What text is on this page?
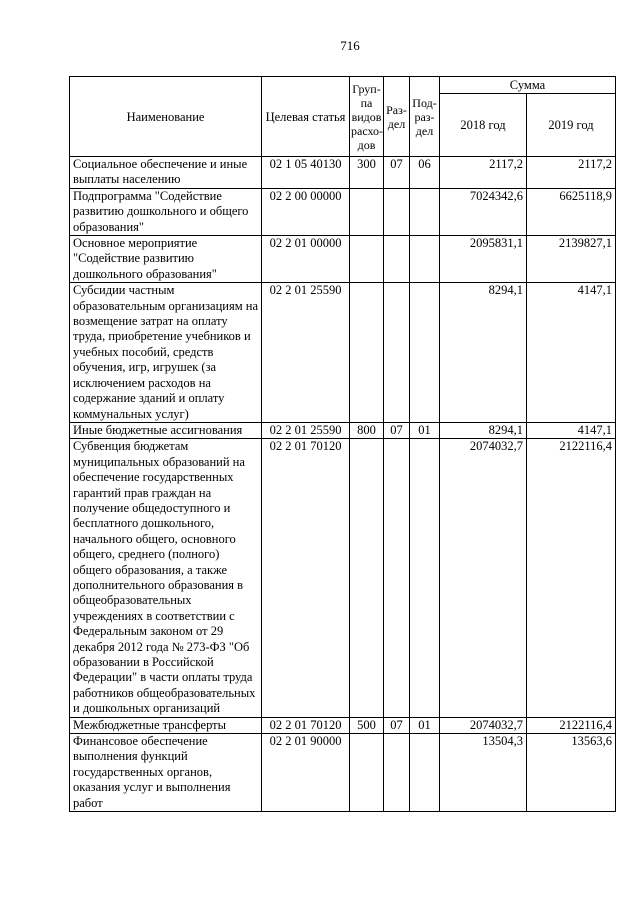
716
Наименование	Целевая статья	Груп-па видов расхо-дов	Раз-дел	Под-раз-дел	Сумма	
					2018 год	2019 год
Социальное обеспечение и иные выплаты населению	02 1 05 40130	300	07	06	2117,2	2117,2
Подпрограмма "Содействие развитию дошкольного и общего образования"	02 2 00 00000				7024342,6	6625118,9
Основное мероприятие "Содействие развитию дошкольного образования"	02 2 01 00000				2095831,1	2139827,1
Субсидии частным образовательным организациям на возмещение затрат на оплату труда, приобретение учебников и учебных пособий, средств обучения, игр, игрушек (за исключением расходов на содержание зданий и оплату коммунальных услуг)	02 2 01 25590				8294,1	4147,1
Иные бюджетные ассигнования	02 2 01 25590	800	07	01	8294,1	4147,1
Субвенция бюджетам муниципальных образований на обеспечение государственных гарантий прав граждан на получение общедоступного и бесплатного дошкольного, начального общего, основного общего, среднего (полного) общего образования, а также дополнительного образования в общеобразовательных учреждениях в соответствии с Федеральным законом от 29 декабря 2012 года № 273-ФЗ "Об образовании в Российской Федерации" в части оплаты труда работников общеобразовательных и дошкольных организаций	02 2 01 70120				2074032,7	2122116,4
Межбюджетные трансферты	02 2 01 70120	500	07	01	2074032,7	2122116,4
Финансовое обеспечение выполнения функций государственных органов, оказания услуг и выполнения работ	02 2 01 90000				13504,3	13563,6
